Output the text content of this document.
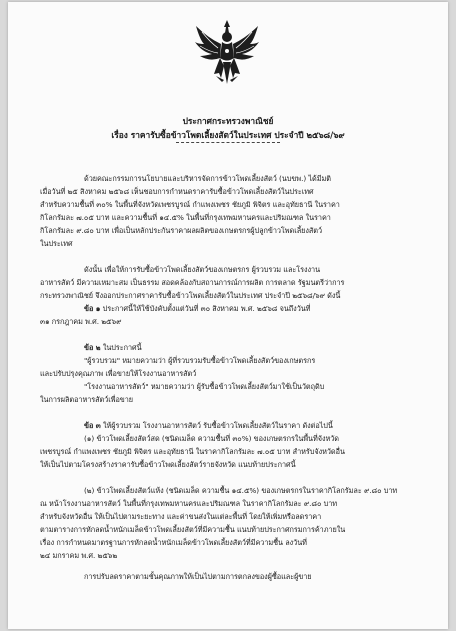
ประกาศกระทรวงพาณิชย์
เรื่อง ราคารับซื้อข้าวโพดเลี้ยงสัตว์ในประเทศ ประจำปี ๒๕๖๘/๖๙
ด้วยคณะกรรมการนโยบายและบริหารจัดการข้าวโพดเลี้ยงสัตว์ (นบขพ.) ได้มีมติ
เมื่อวันที่ ๒๕ สิงหาคม ๒๕๖๘ เห็นชอบการกำหนดราคารับซื้อข้าวโพดเลี้ยงสัตว์ในประเทศ
สำหรับความชื้นที่ ๓๐% ในพื้นที่จังหวัดเพชรบูรณ์ กำแพงเพชร ชัยภูมิ พิจิตร และอุทัยธานี ในราคา
กิโลกรัมละ ๗.๐๕ บาท และความชื้นที่ ๑๔.๕% ในพื้นที่กรุงเทพมหานครและปริมณฑล ในราคา
กิโลกรัมละ ๙.๘๐ บาท เพื่อเป็นหลักประกันราคาผลผลิตของเกษตรกรผู้ปลูกข้าวโพดเลี้ยงสัตว์
ในประเทศ
ดังนั้น เพื่อให้การรับซื้อข้าวโพดเลี้ยงสัตว์ของเกษตรกร ผู้รวบรวม และโรงงาน
อาหารสัตว์ มีความเหมาะสม เป็นธรรม สอดคล้องกับสถานการณ์การผลิต การตลาด รัฐมนตรีว่าการ
กระทรวงพาณิชย์ จึงออกประกาศราคารับซื้อข้าวโพดเลี้ยงสัตว์ในประเทศ ประจำปี ๒๕๖๘/๖๙ ดังนี้
ข้อ ๑ ประกาศนี้ให้ใช้บังคับตั้งแต่วันที่ ๓๐ สิงหาคม พ.ศ. ๒๕๖๘ จนถึงวันที่
๓๑ กรกฎาคม พ.ศ. ๒๕๖๙
ข้อ ๒ ในประกาศนี้
"ผู้รวบรวม" หมายความว่า ผู้ที่รวบรวมรับซื้อข้าวโพดเลี้ยงสัตว์ของเกษตรกร
และปรับปรุงคุณภาพ เพื่อขายให้โรงงานอาหารสัตว์
"โรงงานอาหารสัตว์" หมายความว่า ผู้รับซื้อข้าวโพดเลี้ยงสัตว์มาใช้เป็นวัตถุดิบ
ในการผลิตอาหารสัตว์เพื่อขาย
ข้อ ๓ ให้ผู้รวบรวม โรงงานอาหารสัตว์ รับซื้อข้าวโพดเลี้ยงสัตว์ในราคา ดังต่อไปนี้
(๑) ข้าวโพดเลี้ยงสัตว์สด (ชนิดเมล็ด ความชื้นที่ ๓๐%) ของเกษตรกรในพื้นที่จังหวัด
เพชรบูรณ์ กำแพงเพชร ชัยภูมิ พิจิตร และอุทัยธานี ในราคากิโลกรัมละ ๗.๐๕ บาท สำหรับจังหวัดอื่น
ให้เป็นไปตามโครงสร้างราคารับซื้อข้าวโพดเลี้ยงสัตว์รายจังหวัด แนบท้ายประกาศนี้
(๒) ข้าวโพดเลี้ยงสัตว์แห้ง (ชนิดเมล็ด ความชื้น ๑๔.๕%) ของเกษตรกรในราคากิโลกรัมละ ๙.๘๐ บาท
ณ หน้าโรงงานอาหารสัตว์ ในพื้นที่กรุงเทพมหานครและปริมณฑล ในราคากิโลกรัมละ ๙.๘๐ บาท
สำหรับจังหวัดอื่น ให้เป็นไปตามระยะทาง และค่าขนส่งในแต่ละพื้นที่ โดยให้เพิ่มหรือลดราคา
ตามตารางการหักลดน้ำหนักเมล็ดข้าวโพดเลี้ยงสัตว์ที่มีความชื้น แนบท้ายประกาศกรมการค้าภายใน
เรื่อง การกำหนดมาตรฐานการหักลดน้ำหนักเมล็ดข้าวโพดเลี้ยงสัตว์ที่มีความชื้น ลงวันที่
๒๔ มกราคม พ.ศ. ๒๕๖๒
การปรับลดราคาตามชั้นคุณภาพให้เป็นไปตามการตกลงของผู้ซื้อและผู้ขาย
